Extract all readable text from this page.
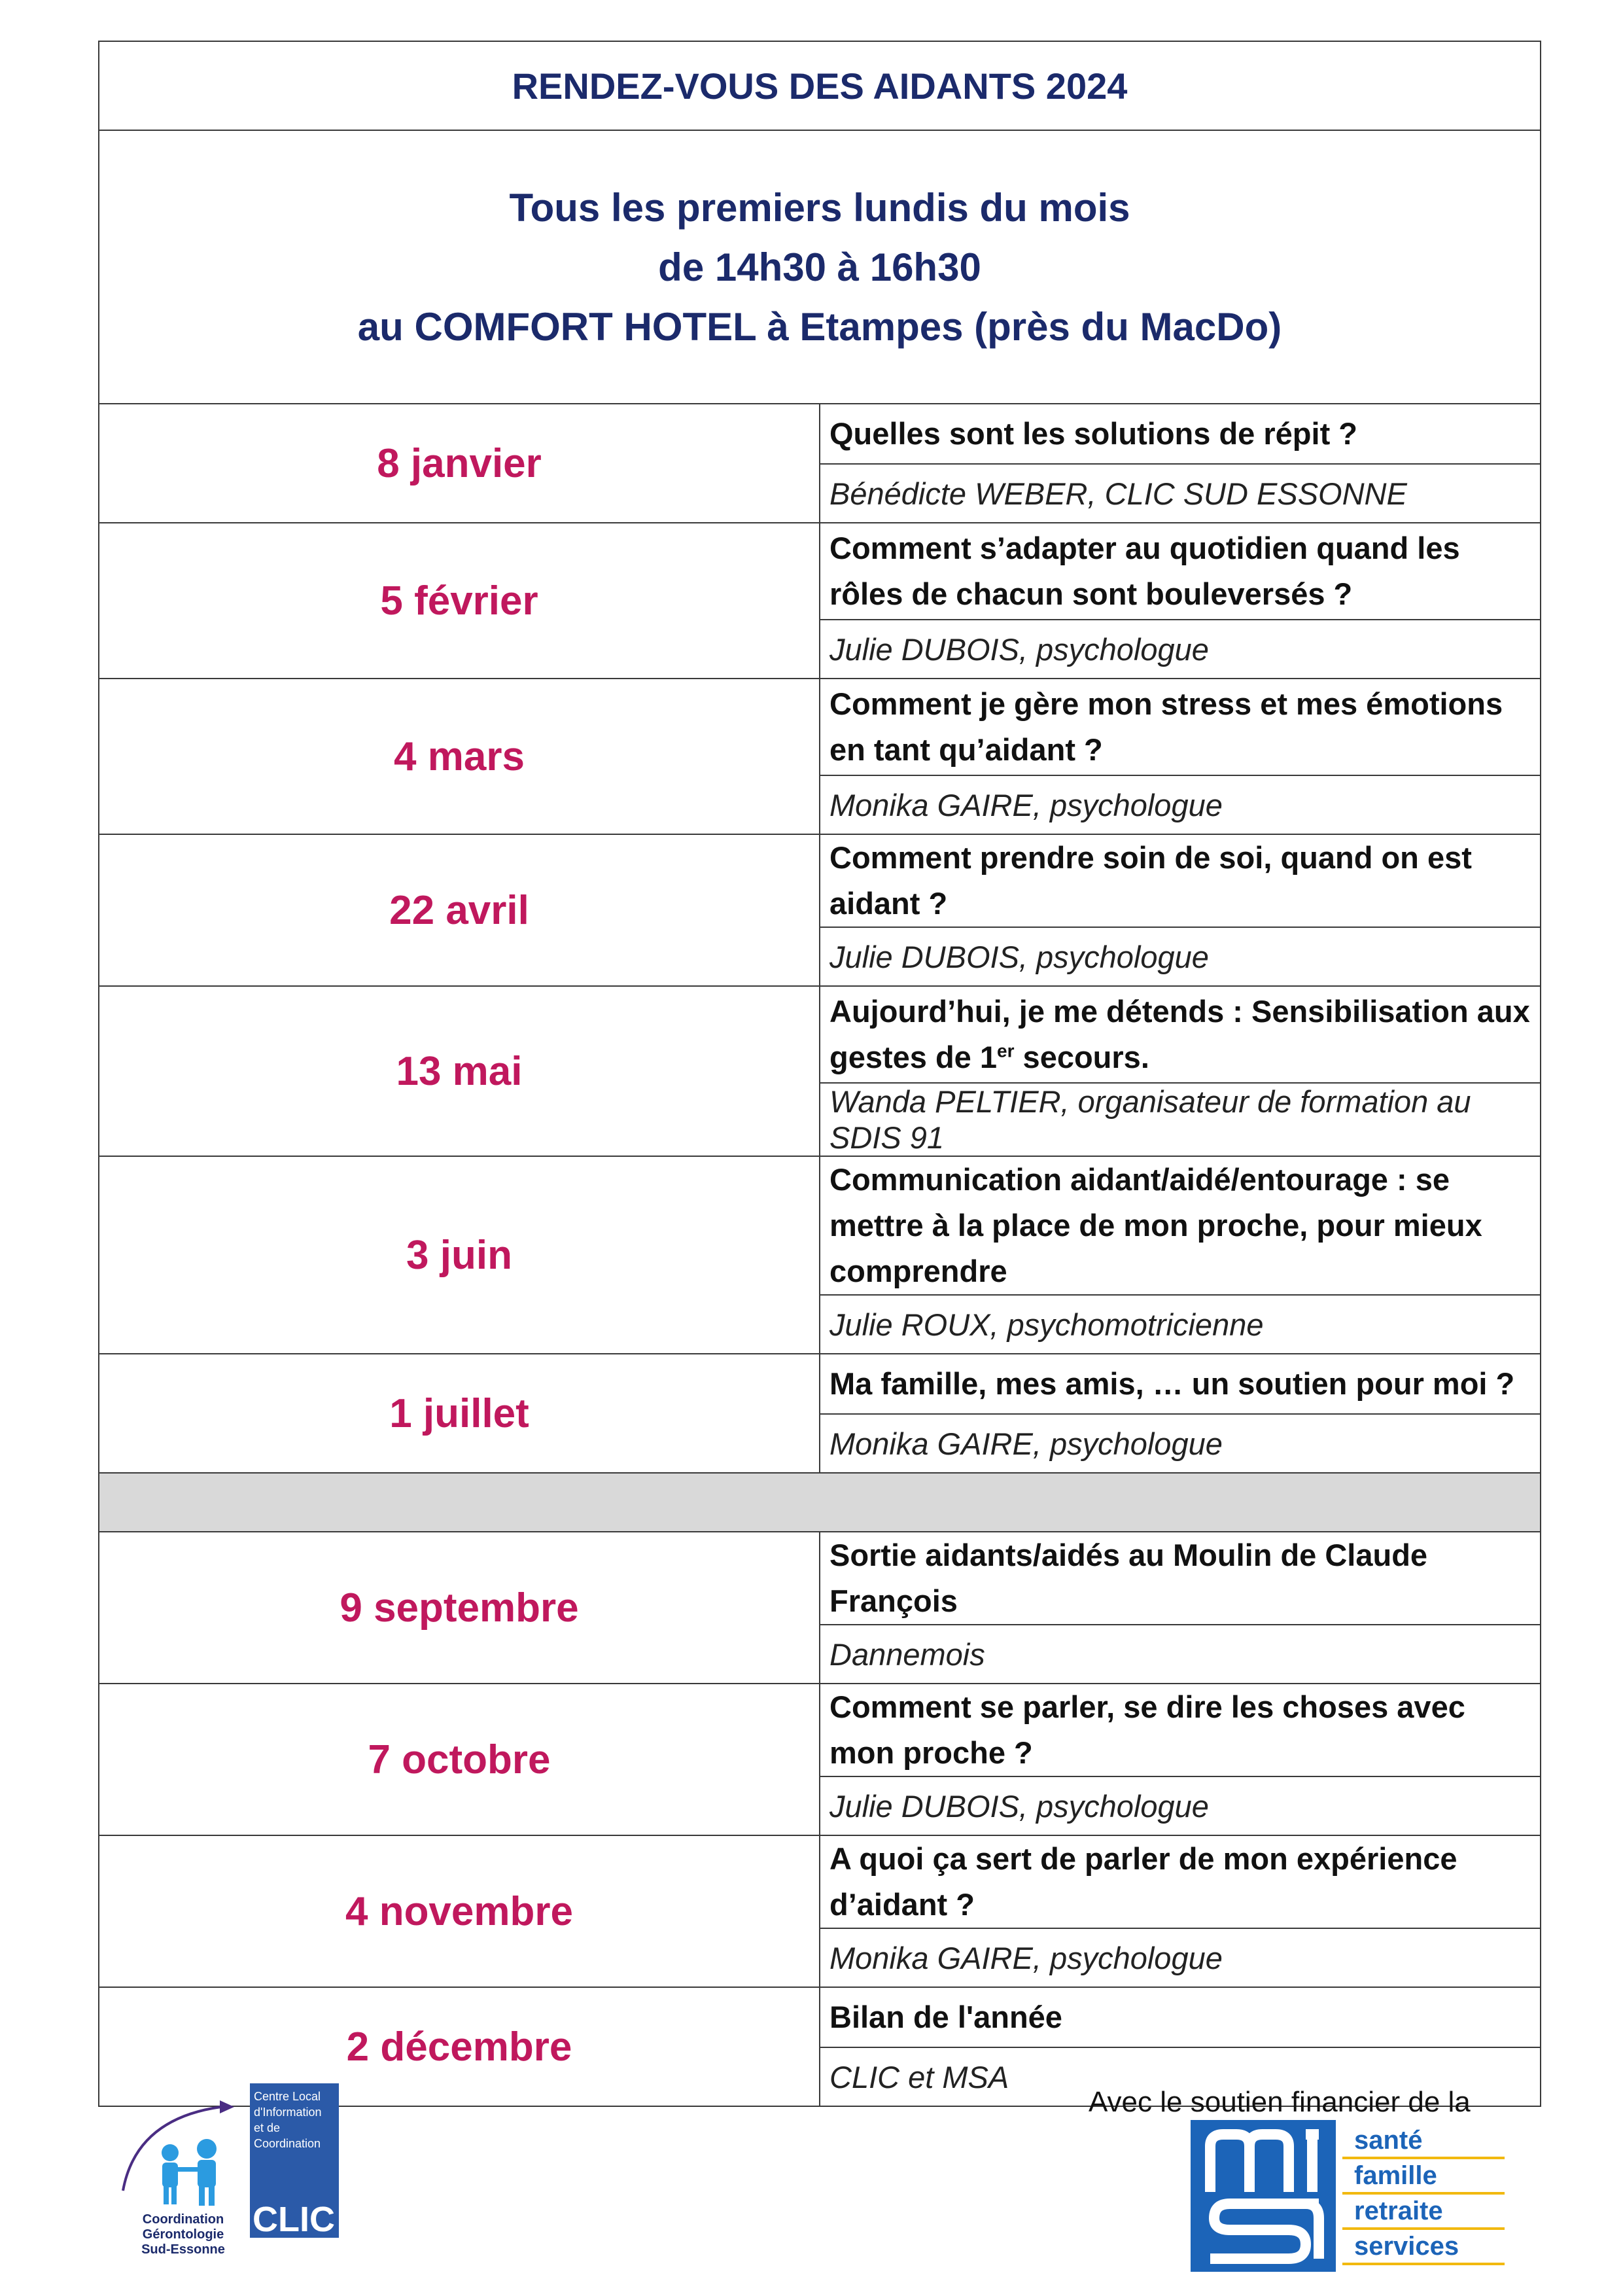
RENDEZ-VOUS DES AIDANTS 2024	

Tous les premiers lundis du mois
de 14h30 à 16h30
au COMFORT HOTEL à Etampes (près du MacDo)	

8 janvier	Quelles sont les solutions de répit ?
	Bénédicte WEBER, CLIC SUD ESSONNE
5 février	Comment s’adapter au quotidien quand les rôles de chacun sont bouleversés ?
	Julie DUBOIS, psychologue
4 mars	Comment je gère mon stress et mes émotions en tant qu’aidant ?
	Monika GAIRE, psychologue
22 avril	Comment prendre soin de soi, quand on est aidant ?
	Julie DUBOIS, psychologue
13 mai	Aujourd’hui, je me détends : Sensibilisation aux gestes de 1er secours.
	Wanda PELTIER, organisateur de formation au SDIS 91
3 juin	Communication aidant/aidé/entourage : se mettre à la place de mon proche, pour mieux comprendre
	Julie ROUX, psychomotricienne
1 juillet	Ma famille, mes amis, … un soutien pour moi ?
	Monika GAIRE, psychologue

9 septembre	Sortie aidants/aidés au Moulin de Claude François
	Dannemois
7 octobre	Comment se parler, se dire les choses avec mon proche ?
	Julie DUBOIS, psychologue
4 novembre	A quoi ça sert de parler de mon expérience d’aidant ?
	Monika GAIRE, psychologue
2 décembre	Bilan de l'année
	CLIC et MSA
Centre Local
d'Information
et de
Coordination
CLIC
Coordination
Gérontologie
Sud-Essonne
Avec le soutien financier de la
santé
famille
retraite
services
